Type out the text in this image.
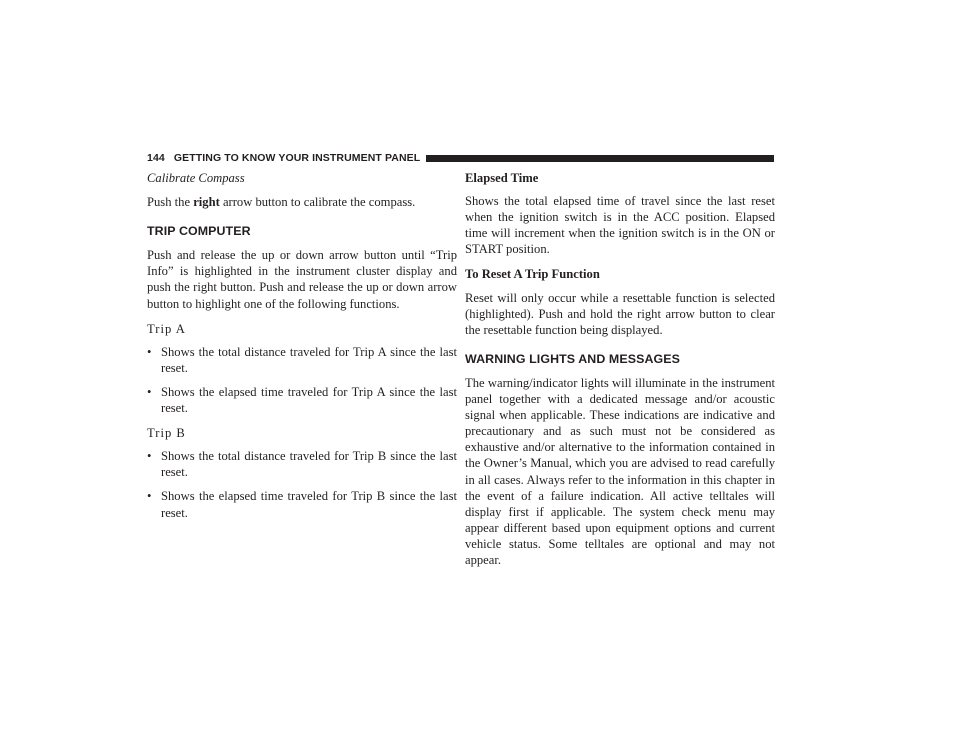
144 GETTING TO KNOW YOUR INSTRUMENT PANEL

Calibrate Compass

Push the right arrow button to calibrate the compass.

TRIP COMPUTER

Push and release the up or down arrow button until “Trip Info” is highlighted in the instrument cluster display and push the right button. Push and release the up or down arrow button to highlight one of the following functions.

Trip A

• Shows the total distance traveled for Trip A since the last reset.
• Shows the elapsed time traveled for Trip A since the last reset.

Trip B

• Shows the total distance traveled for Trip B since the last reset.
• Shows the elapsed time traveled for Trip B since the last reset.

Elapsed Time

Shows the total elapsed time of travel since the last reset when the ignition switch is in the ACC position. Elapsed time will increment when the ignition switch is in the ON or START position.

To Reset A Trip Function

Reset will only occur while a resettable function is selected (highlighted). Push and hold the right arrow button to clear the resettable function being displayed.

WARNING LIGHTS AND MESSAGES

The warning/indicator lights will illuminate in the instrument panel together with a dedicated message and/or acoustic signal when applicable. These indications are indicative and precautionary and as such must not be considered as exhaustive and/or alternative to the information contained in the Owner’s Manual, which you are advised to read carefully in all cases. Always refer to the information in this chapter in the event of a failure indication. All active telltales will display first if applicable. The system check menu may appear different based upon equipment options and current vehicle status. Some telltales are optional and may not appear.
